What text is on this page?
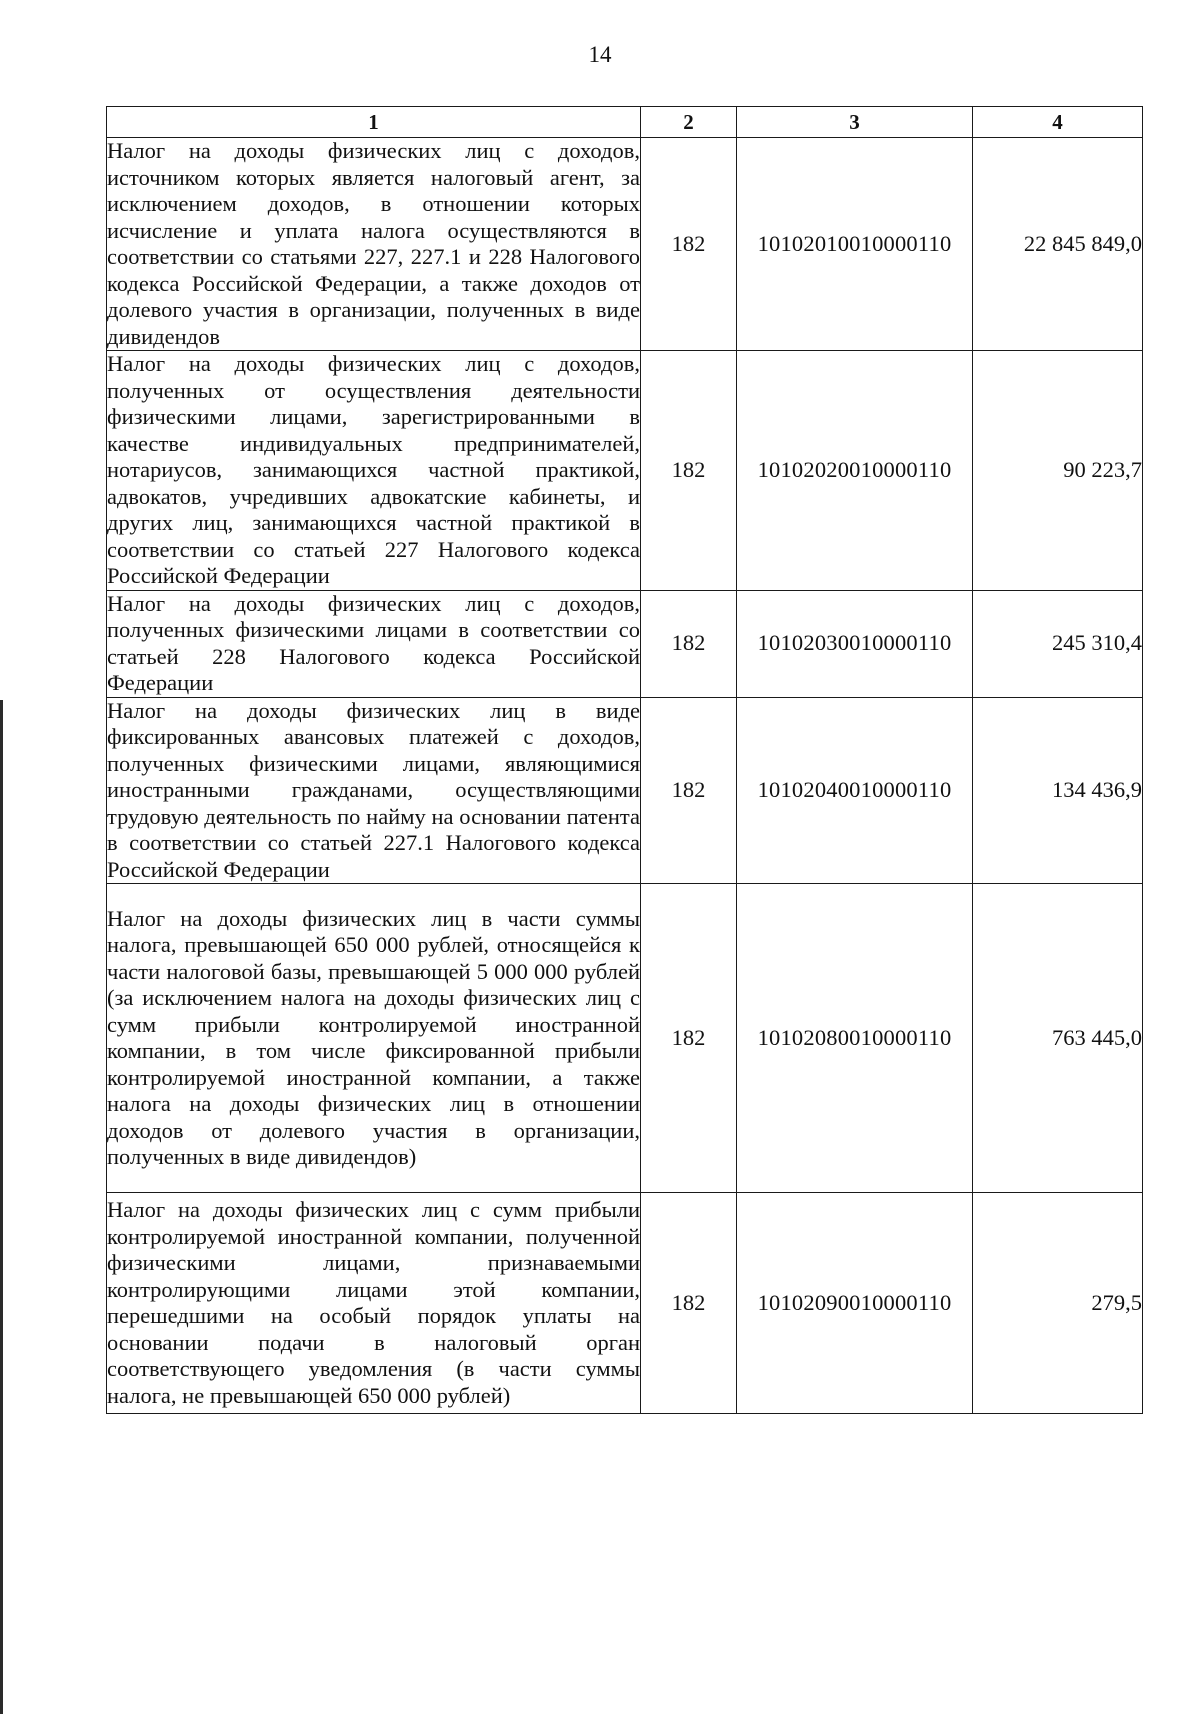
14
1	2	3	4
Налог на доходы физических лиц с доходов, источником которых является налоговый агент, за исключением доходов, в отношении которых исчисление и уплата налога осуществляются в соответствии со статьями 227, 227.1 и 228 Налогового кодекса Российской Федерации, а также доходов от долевого участия в организации, полученных в виде дивидендов	182	10102010010000110	22 845 849,0
Налог на доходы физических лиц с доходов, полученных от осуществления деятельности физическими лицами, зарегистрированными в качестве индивидуальных предпринимателей, нотариусов, занимающихся частной практикой, адвокатов, учредивших адвокатские кабинеты, и других лиц, занимающихся частной практикой в соответствии со статьей 227 Налогового кодекса Российской Федерации	182	10102020010000110	90 223,7
Налог на доходы физических лиц с доходов, полученных физическими лицами в соответствии со статьей 228 Налогового кодекса Российской Федерации	182	10102030010000110	245 310,4
Налог на доходы физических лиц в виде фиксированных авансовых платежей с доходов, полученных физическими лицами, являющимися иностранными гражданами, осуществляющими трудовую деятельность по найму на основании патента в соответствии со статьей 227.1 Налогового кодекса Российской Федерации	182	10102040010000110	134 436,9
Налог на доходы физических лиц в части суммы налога, превышающей 650 000 рублей, относящейся к части налоговой базы, превышающей 5 000 000 рублей (за исключением налога на доходы физических лиц с сумм прибыли контролируемой иностранной компании, в том числе фиксированной прибыли контролируемой иностранной компании, а также налога на доходы физических лиц в отношении доходов от долевого участия в организации, полученных в виде дивидендов)	182	10102080010000110	763 445,0
Налог на доходы физических лиц с сумм прибыли контролируемой иностранной компании, полученной физическими лицами, признаваемыми контролирующими лицами этой компании, перешедшими на особый порядок уплаты на основании подачи в налоговый орган соответствующего уведомления (в части суммы налога, не превышающей 650 000 рублей)	182	10102090010000110	279,5
